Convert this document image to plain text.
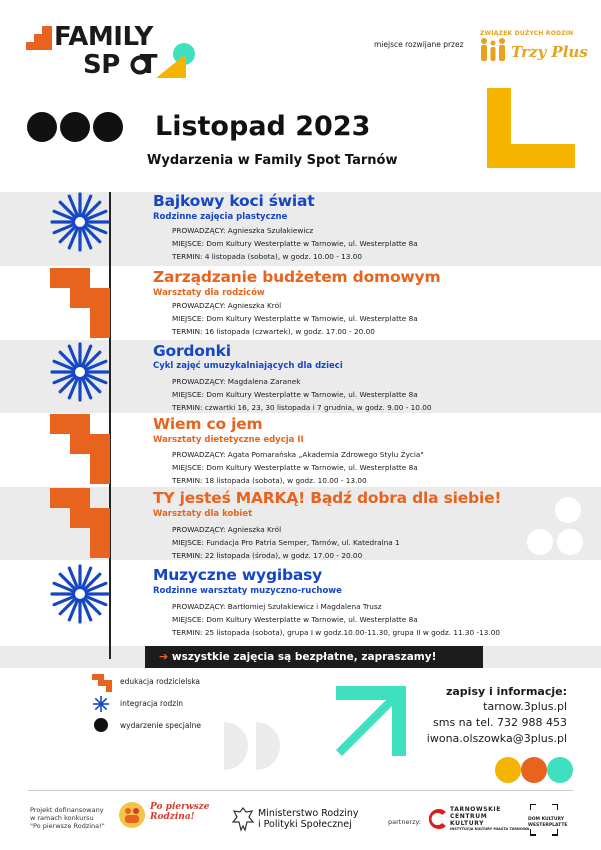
FAMILY
SP T
miejsce rozwijane przez
ZWIĄZEK DUŻYCH RODZIN
Trzy Plus
Listopad 2023
Wydarzenia w Family Spot Tarnów
Bajkowy koci świat
Rodzinne zajęcia plastyczne
PROWADZĄCY: Agnieszka Szułakiewicz
MIEJSCE: Dom Kultury Westerplatte w Tarnowie, ul. Westerplatte 8a
TERMIN: 4 listopada (sobota), w godz. 10.00 - 13.00
Zarządzanie budżetem domowym
Warsztaty dla rodziców
PROWADZĄCY: Agnieszka Król
MIEJSCE: Dom Kultury Westerplatte w Tarnowie, ul. Westerplatte 8a
TERMIN: 16 listopada (czwartek), w godz. 17.00 - 20.00
Gordonki
Cykl zajęć umuzykalniających dla dzieci
PROWADZĄCY: Magdalena Zaranek
MIEJSCE: Dom Kultury Westerplatte w Tarnowie, ul. Westerplatte 8a
TERMIN: czwartki 16, 23, 30 listopada i 7 grudnia, w godz. 9.00 - 10.00
Wiem co jem
Warsztaty dietetyczne edycja II
PROWADZĄCY: Agata Pomarańska „Akademia Zdrowego Stylu Życia"
MIEJSCE: Dom Kultury Westerplatte w Tarnowie, ul. Westerplatte 8a
TERMIN: 18 listopada (sobota), w godz. 10.00 - 13.00
TY jesteś MARKĄ! Bądź dobra dla siebie!
Warsztaty dla kobiet
PROWADZĄCY: Agnieszka Król
MIEJSCE: Fundacja Pro Patria Semper, Tarnów, ul. Katedralna 1
TERMIN: 22 listopada (środa), w godz. 17.00 - 20.00
Muzyczne wygibasy
Rodzinne warsztaty muzyczno-ruchowe
PROWADZĄCY: Bartłomiej Szułakiewicz i Magdalena Trusz
MIEJSCE: Dom Kultury Westerplatte w Tarnowie, ul. Westerplatte 8a
TERMIN: 25 listopada (sobota), grupa I w godz.10.00-11.30, grupa II w godz. 11.30 -13.00
➔ wszystkie zajęcia są bezpłatne, zapraszamy!
edukacja rodzicielska
integracja rodzin
wydarzenie specjalne
zapisy i informacje:
tarnow.3plus.pl
sms na tel. 732 988 453
iwona.olszowka@3plus.pl
Projekt dofinansowany
w ramach konkursu
"Po pierwsze Rodzina!"
Po pierwsze
Rodzina!	Ministerstwo Rodziny
i Polityki Społecznej	partnerzy:
TARNOWSKIE
CENTRUM
KULTURY
INSTYTUCJA KULTURY MIASTA TARNOWA
DOM KULTURY
WESTERPLATTE
